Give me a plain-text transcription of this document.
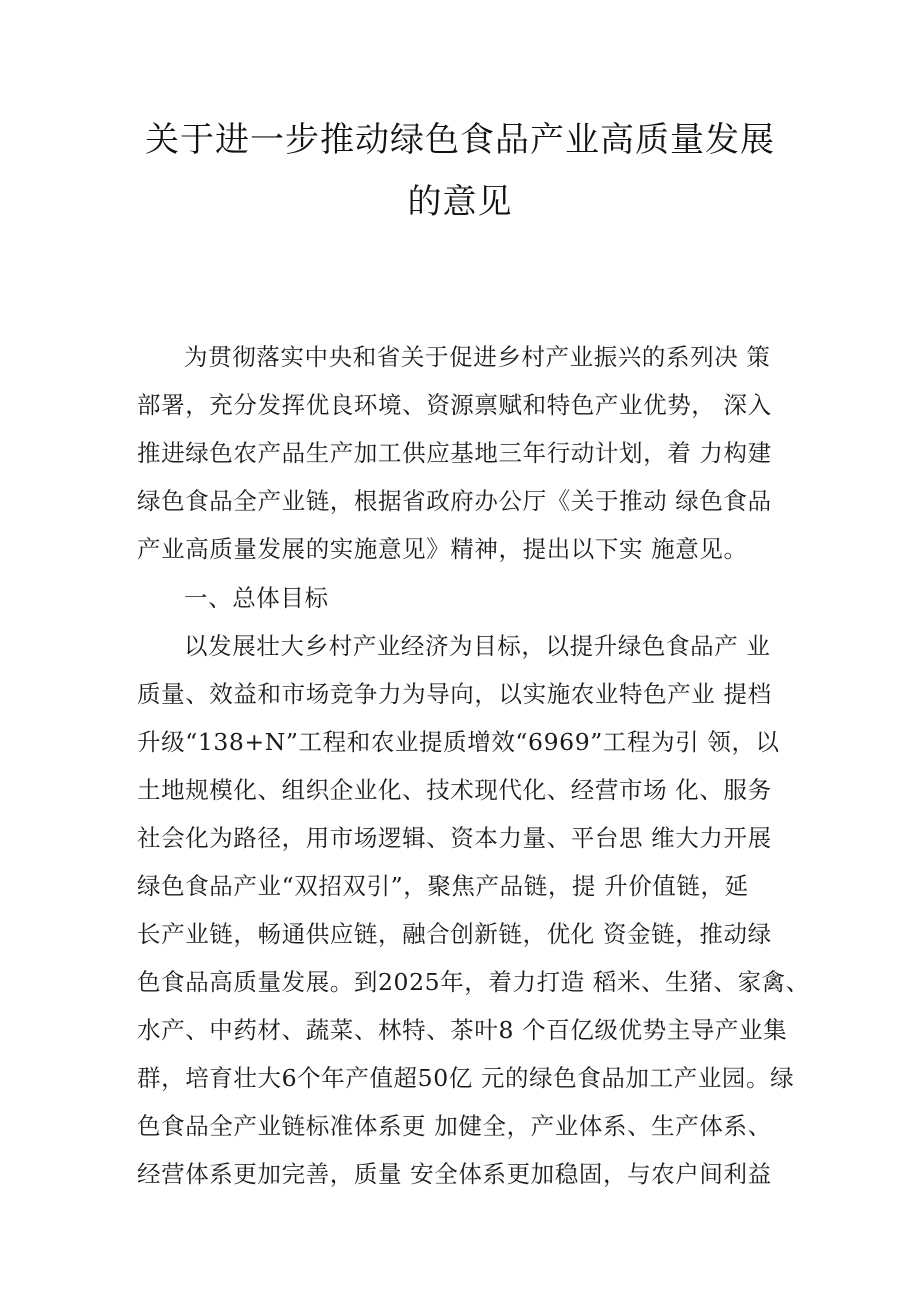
关于进一步推动绿色食品产业高质量发展
的意见
为贯彻落实中央和省关于促进乡村产业振兴的系列决 策
部署，充分发挥优良环境、资源禀赋和特色产业优势， 深入
推进绿色农产品生产加工供应基地三年行动计划，着 力构建
绿色食品全产业链，根据省政府办公厅《关于推动 绿色食品
产业高质量发展的实施意见》精神，提出以下实 施意见。
一、总体目标
以发展壮大乡村产业经济为目标，以提升绿色食品产 业
质量、效益和市场竞争力为导向，以实施农业特色产业 提档
升级“138+N”工程和农业提质增效“6969”工程为引 领，以
土地规模化、组织企业化、技术现代化、经营市场 化、服务
社会化为路径，用市场逻辑、资本力量、平台思 维大力开展
绿色食品产业“双招双引”，聚焦产品链，提 升价值链，延
长产业链，畅通供应链，融合创新链，优化 资金链，推动绿
色食品高质量发展。到2025年，着力打造 稻米、生猪、家禽、
水产、中药材、蔬菜、林特、茶叶8 个百亿级优势主导产业集
群，培育壮大6个年产值超50亿 元的绿色食品加工产业园。绿
色食品全产业链标准体系更 加健全，产业体系、生产体系、
经营体系更加完善，质量 安全体系更加稳固，与农户间利益
